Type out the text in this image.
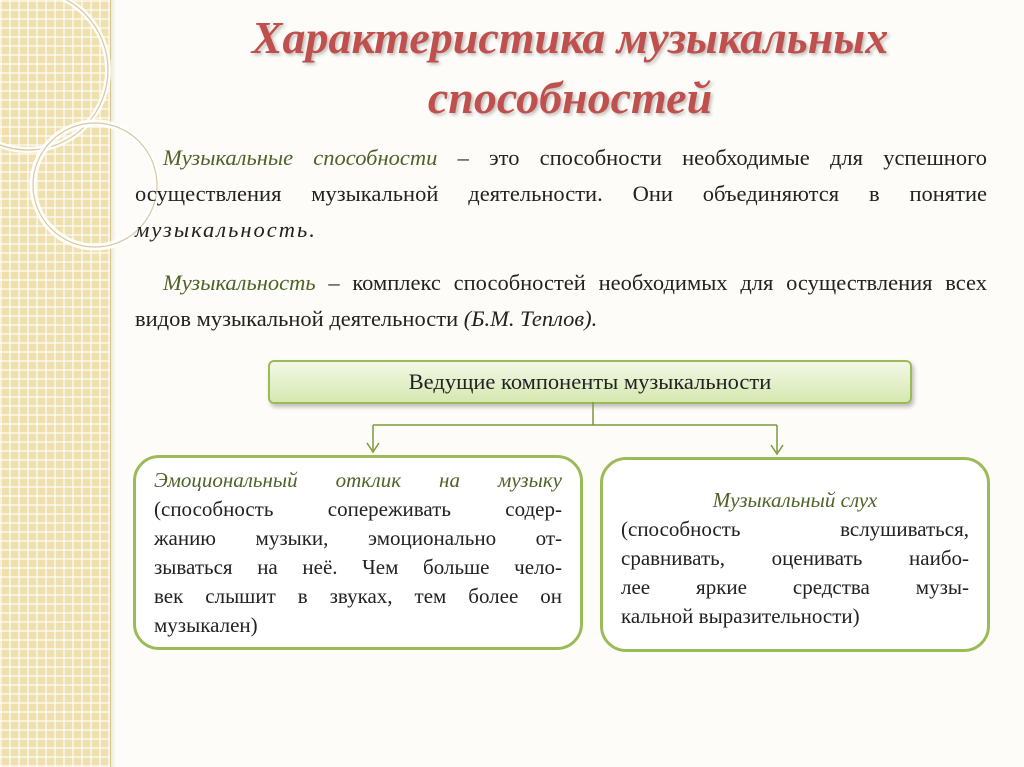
Характеристика музыкальных
способностей
Музыкальные способности – это способности необходимые для успешного осуществления музыкальной деятельности. Они объединяются в понятие музыкальность.
Музыкальность – комплекс способностей необходимых для осуществления всех видов музыкальной деятельности (Б.М. Теплов).
Ведущие компоненты музыкальности
Эмоциональный отклик на музыку
(способность сопереживать содер-
жанию музыки, эмоционально от-
зываться на неё. Чем больше чело-
век слышит в звуках, тем более он
музыкален)
Музыкальный слух
(способность вслушиваться,
сравнивать, оценивать наибо-
лее яркие средства музы-
кальной выразительности)
